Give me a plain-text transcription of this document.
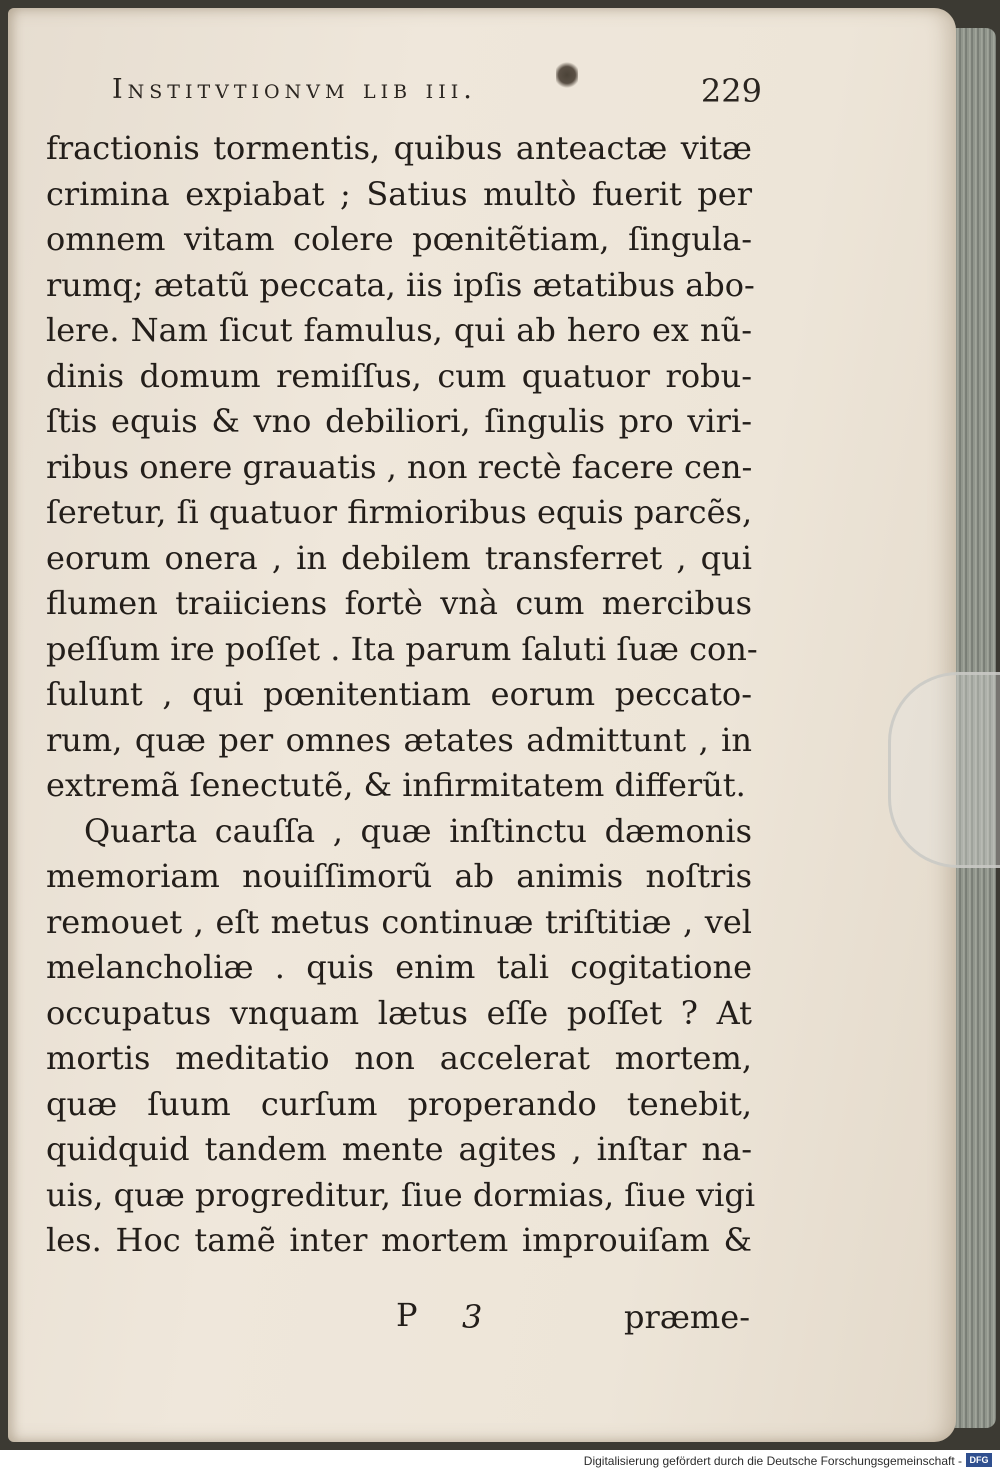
Institvtionvm lib iii.	229
fractionis tormentis, quibus anteactæ vitæ
crimina expiabat ; Satius multò fuerit per
omnem vitam colere pœnitẽtiam, ſingula-
rumq; ætatũ peccata, iis ipſis ætatibus abo-
lere. Nam ſicut famulus, qui ab hero ex nũ-
dinis domum remiſſus, cum quatuor robu-
ſtis equis & vno debiliori, ſingulis pro viri-
ribus onere grauatis , non rectè facere cen-
ſeretur, ſi quatuor firmioribus equis parcẽs,
eorum onera , in debilem transferret , qui
flumen traiiciens fortè vnà cum mercibus
peſſum ire poſſet . Ita parum ſaluti ſuæ con-
ſulunt , qui pœnitentiam eorum peccato-
rum, quæ per omnes ætates admittunt , in
extremã ſenectutẽ, & infirmitatem differũt.
Quarta cauſſa , quæ inſtinctu dæmonis
memoriam nouiſſimorũ ab animis noſtris
remouet , eſt metus continuæ triſtitiæ , vel
melancholiæ . quis enim tali cogitatione
occupatus vnquam lætus eſſe poſſet ? At
mortis meditatio non accelerat mortem,
quæ ſuum curſum properando tenebit,
quidquid tandem mente agites , inſtar na-
uis, quæ progreditur, ſiue dormias, ſiue vigi
les. Hoc tamẽ inter mortem improuiſam &
P 3	præme-
Digitalisierung gefördert durch die Deutsche Forschungsgemeinschaft - DFG
